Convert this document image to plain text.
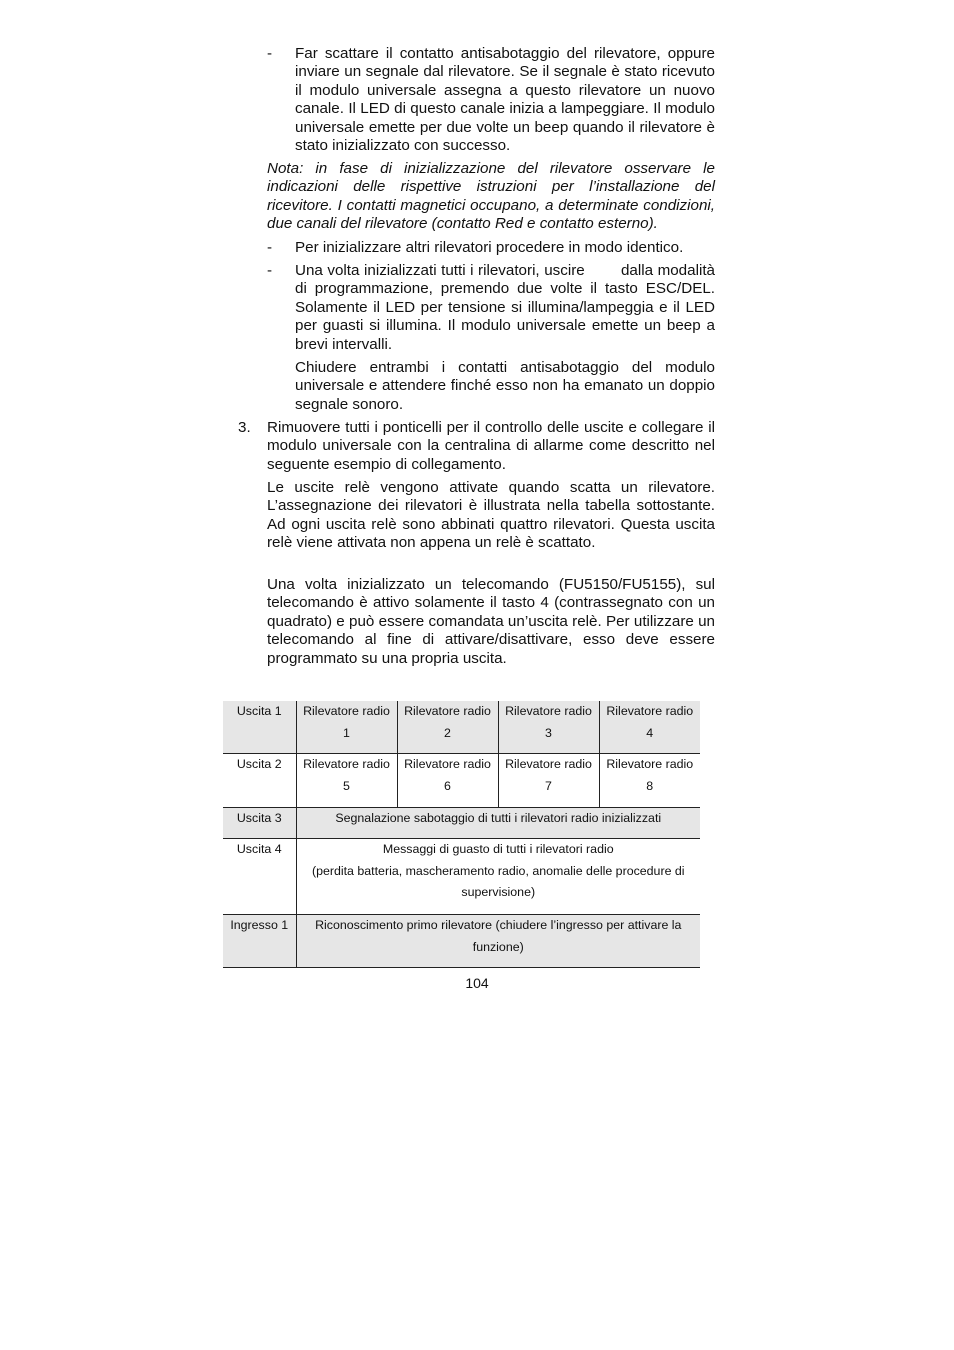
- Far scattare il contatto antisabotaggio del rilevatore, oppure inviare un segnale dal rilevatore. Se il segnale è stato ricevuto il modulo universale assegna a questo rilevatore un nuovo canale. Il LED di questo canale inizia a lampeggiare. Il modulo universale emette per due volte un beep quando il rilevatore è stato inizializzato con successo.

Nota: in fase di inizializzazione del rilevatore osservare le indicazioni delle rispettive istruzioni per l’installazione del ricevitore. I contatti magnetici occupano, a determinate condizioni, due canali del rilevatore (contatto Red e contatto esterno).

- Per inizializzare altri rilevatori procedere in modo identico.

- Una volta inizializzati tutti i rilevatori, uscire        dalla modalità di programmazione, premendo due volte il tasto ESC/DEL. Solamente il LED per tensione si illumina/lampeggia e il LED per guasti si illumina. Il modulo universale emette un beep a brevi intervalli.

Chiudere entrambi i contatti antisabotaggio del modulo universale e attendere finché esso non ha emanato un doppio segnale sonoro.

3. Rimuovere tutti i ponticelli per il controllo delle uscite e collegare il modulo universale con la centralina di allarme come descritto nel seguente esempio di collegamento.

Le uscite relè vengono attivate quando scatta un rilevatore. L’assegnazione dei rilevatori è illustrata nella tabella sottostante. Ad ogni uscita relè sono abbinati quattro rilevatori. Questa uscita relè viene attivata non appena un relè è scattato.

Una volta inizializzato un telecomando (FU5150/FU5155), sul telecomando è attivo solamente il tasto 4 (contrassegnato con un quadrato) e può essere comandata un’uscita relè. Per utilizzare un telecomando al fine di attivare/disattivare, esso deve essere programmato su una propria uscita.

Uscita 1	Rilevatore radio 1	Rilevatore radio 2	Rilevatore radio 3	Rilevatore radio 4
Uscita 2	Rilevatore radio 5	Rilevatore radio 6	Rilevatore radio 7	Rilevatore radio 8
Uscita 3	Segnalazione sabotaggio di tutti i rilevatori radio inizializzati			
Uscita 4	Messaggi di guasto di tutti i rilevatori radio
(perdita batteria, mascheramento radio, anomalie delle procedure di supervisione)			

Ingresso 1	Riconoscimento primo rilevatore (chiudere l’ingresso per attivare la funzione)			
104
